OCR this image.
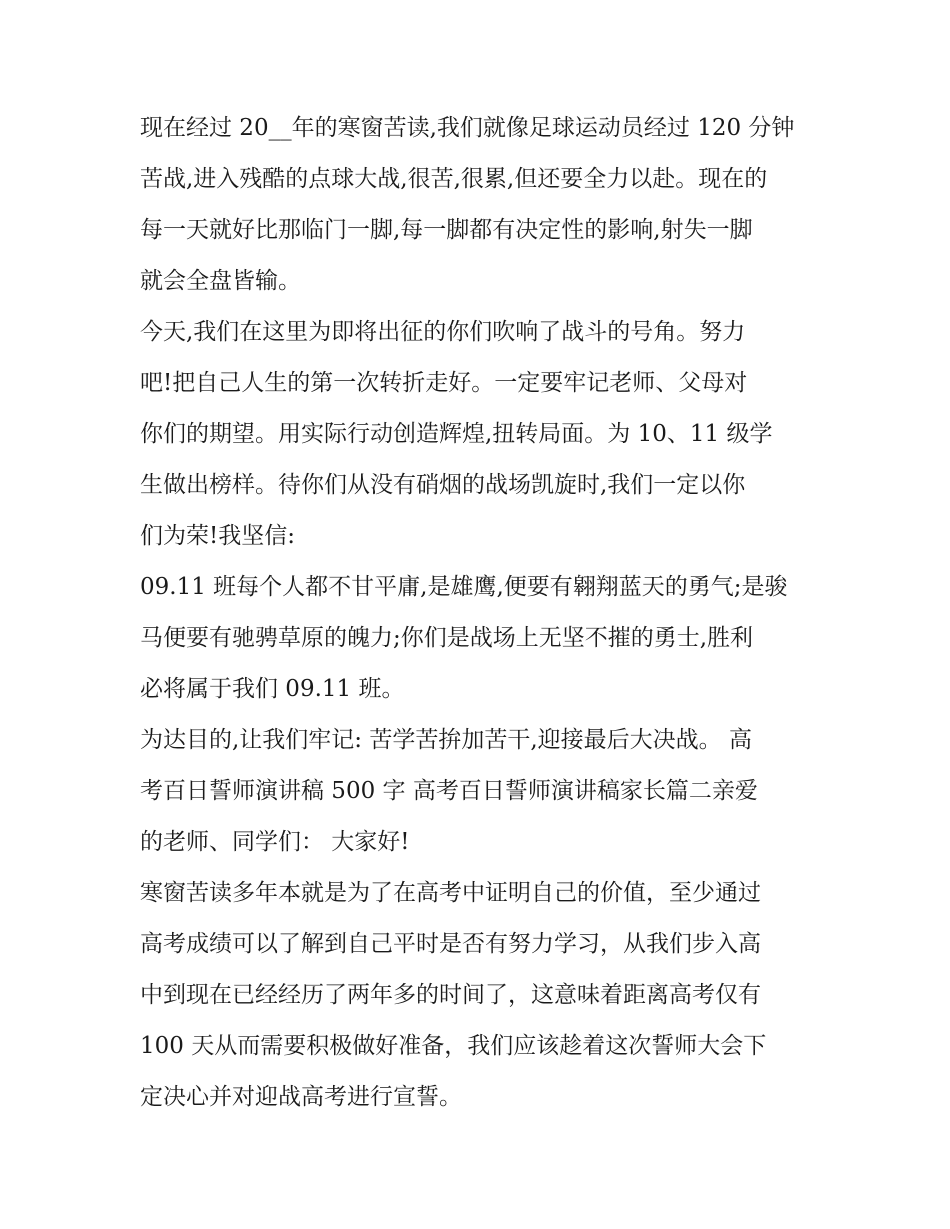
现在经过 20__年的寒窗苦读,我们就像足球运动员经过 120 分钟
苦战,进入残酷的点球大战,很苦,很累,但还要全力以赴。现在的
每一天就好比那临门一脚,每一脚都有决定性的影响,射失一脚
就会全盘皆输。

今天,我们在这里为即将出征的你们吹响了战斗的号角。努力
吧!把自己人生的第一次转折走好。一定要牢记老师、父母对
你们的期望。用实际行动创造辉煌,扭转局面。为 10、11 级学
生做出榜样。待你们从没有硝烟的战场凯旋时,我们一定以你
们为荣!我坚信:

09.11 班每个人都不甘平庸,是雄鹰,便要有翱翔蓝天的勇气;是骏
马便要有驰骋草原的魄力;你们是战场上无坚不摧的勇士,胜利
必将属于我们 09.11 班。

为达目的,让我们牢记: 苦学苦拚加苦干,迎接最后大决战。 高
考百日誓师演讲稿 500 字 高考百日誓师演讲稿家长篇二亲爱
的老师、同学们： 大家好!

寒窗苦读多年本就是为了在高考中证明自己的价值，至少通过
高考成绩可以了解到自己平时是否有努力学习，从我们步入高
中到现在已经经历了两年多的时间了，这意味着距离高考仅有
100 天从而需要积极做好准备，我们应该趁着这次誓师大会下
定决心并对迎战高考进行宣誓。
